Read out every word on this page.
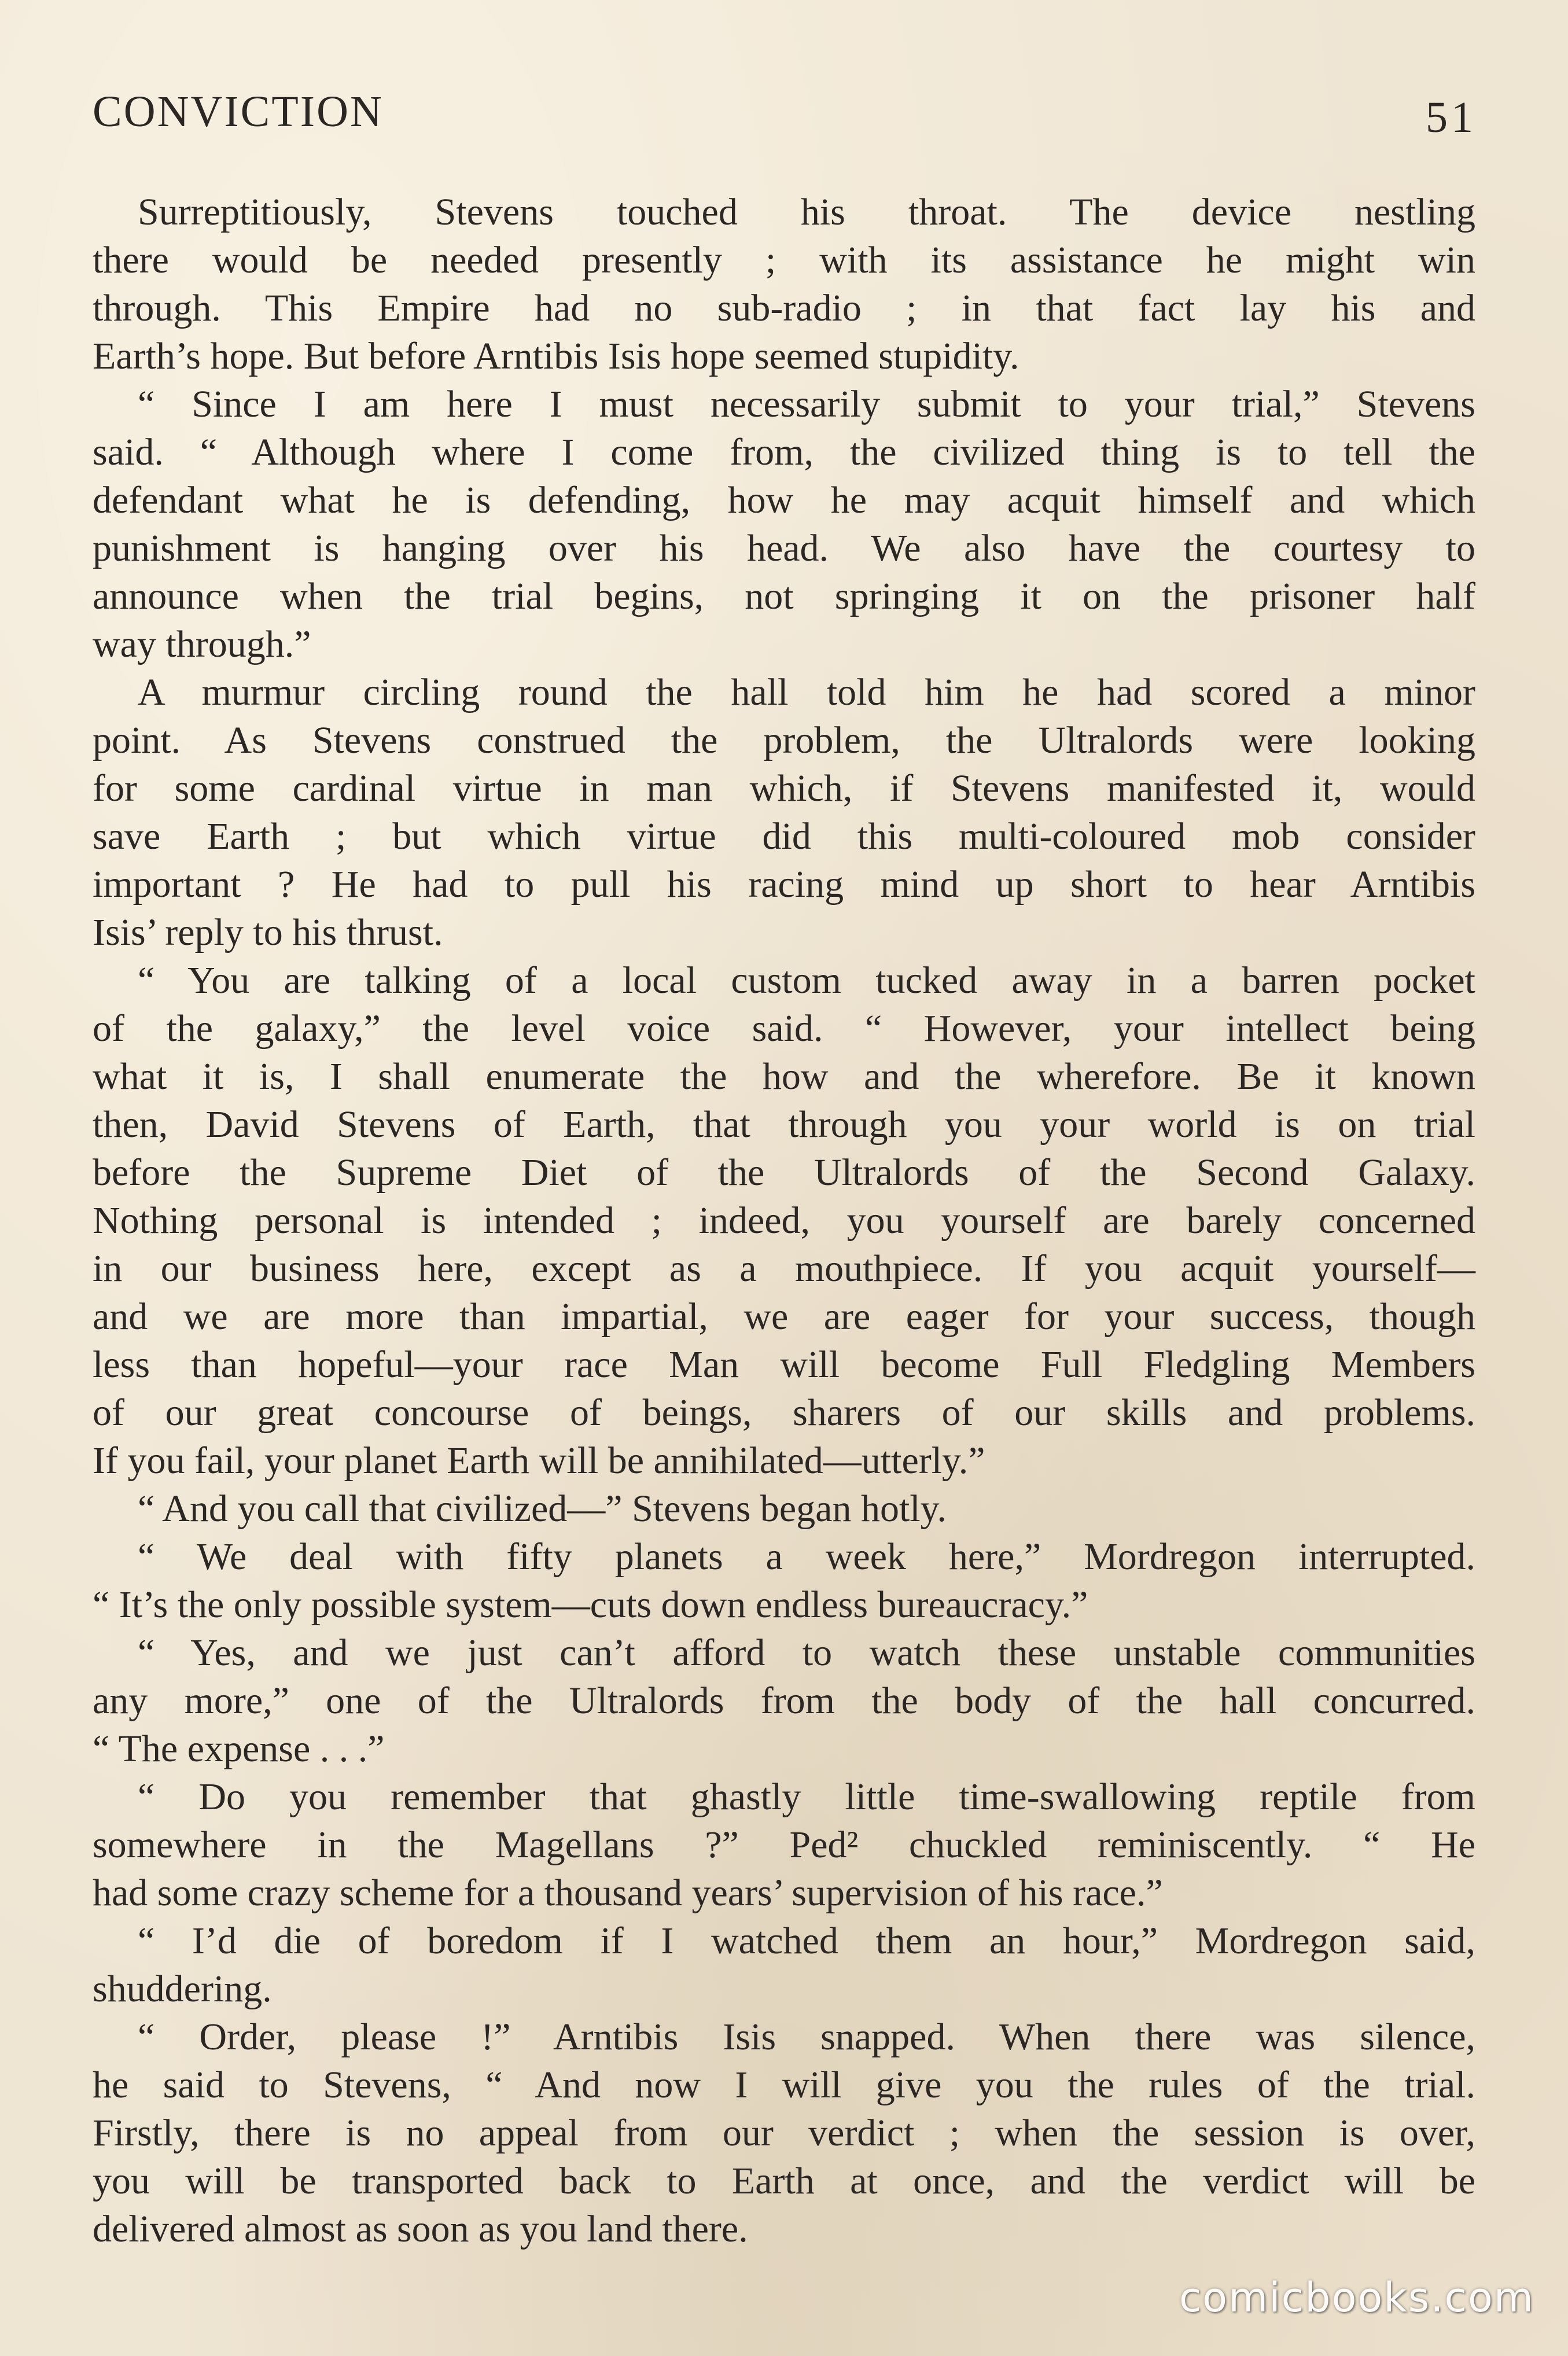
CONVICTION	51
Surreptitiously, Stevens touched his throat. The device nestling
there would be needed presently ; with its assistance he might win
through. This Empire had no sub-radio ; in that fact lay his and
Earth’s hope. But before Arntibis Isis hope seemed stupidity.
“ Since I am here I must necessarily submit to your trial,” Stevens
said. “ Although where I come from, the civilized thing is to tell the
defendant what he is defending, how he may acquit himself and which
punishment is hanging over his head. We also have the courtesy to
announce when the trial begins, not springing it on the prisoner half
way through.”
A murmur circling round the hall told him he had scored a minor
point. As Stevens construed the problem, the Ultralords were looking
for some cardinal virtue in man which, if Stevens manifested it, would
save Earth ; but which virtue did this multi-coloured mob consider
important ? He had to pull his racing mind up short to hear Arntibis
Isis’ reply to his thrust.
“ You are talking of a local custom tucked away in a barren pocket
of the galaxy,” the level voice said. “ However, your intellect being
what it is, I shall enumerate the how and the wherefore. Be it known
then, David Stevens of Earth, that through you your world is on trial
before the Supreme Diet of the Ultralords of the Second Galaxy.
Nothing personal is intended ; indeed, you yourself are barely concerned
in our business here, except as a mouthpiece. If you acquit yourself—
and we are more than impartial, we are eager for your success, though
less than hopeful—your race Man will become Full Fledgling Members
of our great concourse of beings, sharers of our skills and problems.
If you fail, your planet Earth will be annihilated—utterly.”
“ And you call that civilized—” Stevens began hotly.
“ We deal with fifty planets a week here,” Mordregon interrupted.
“ It’s the only possible system—cuts down endless bureaucracy.”
“ Yes, and we just can’t afford to watch these unstable communities
any more,” one of the Ultralords from the body of the hall concurred.
“ The expense . . .”
“ Do you remember that ghastly little time-swallowing reptile from
somewhere in the Magellans ?” Ped² chuckled reminiscently. “ He
had some crazy scheme for a thousand years’ supervision of his race.”
“ I’d die of boredom if I watched them an hour,” Mordregon said,
shuddering.
“ Order, please !” Arntibis Isis snapped. When there was silence,
he said to Stevens, “ And now I will give you the rules of the trial.
Firstly, there is no appeal from our verdict ; when the session is over,
you will be transported back to Earth at once, and the verdict will be
delivered almost as soon as you land there.
comicbooks.com
